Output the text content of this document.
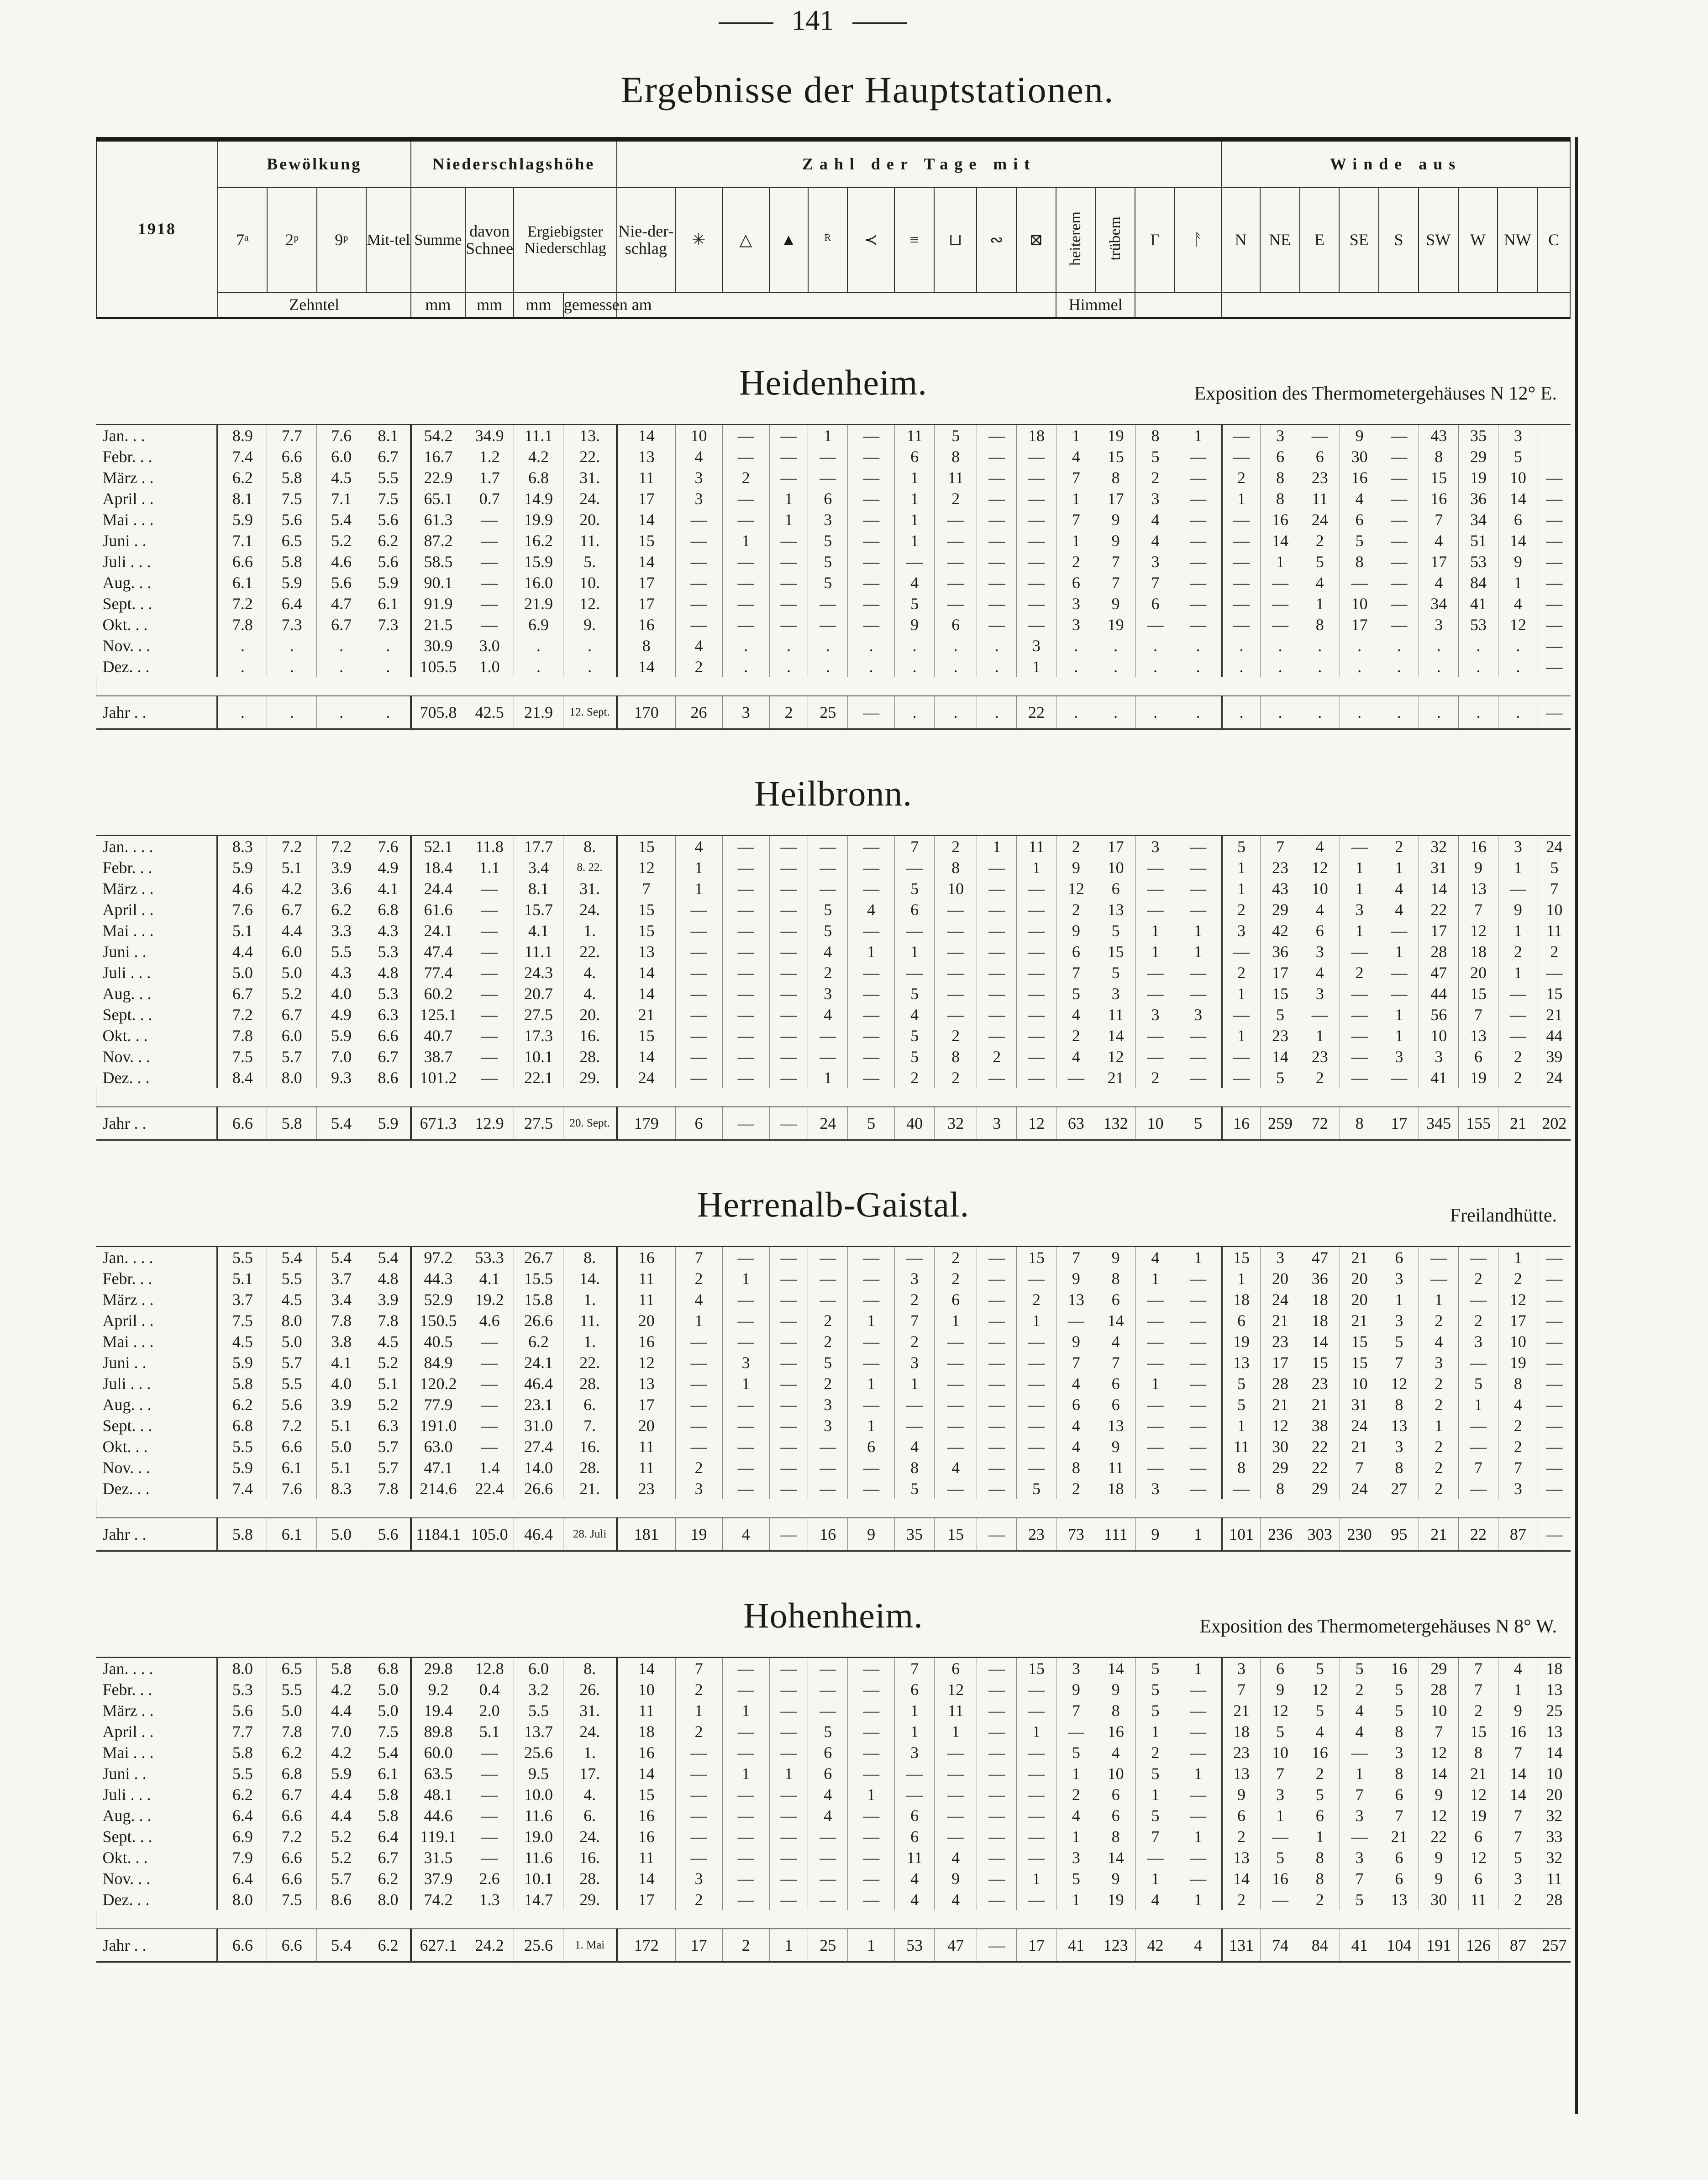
141
Ergebnisse der Hauptstationen.
1918	Bewölkung				Niederschlagshöhe				Zahl der Tage mit														Winde aus								
	7ᵃ	2ᵖ	9ᵖ	Mit-tel	Summe	davon Schnee	Ergiebigster Niederschlag		Nie-der-schlag	✳	△	▲	ᴿ	≺	≡	⊔	∾	⊠	heiterem	trübem	Γ	ᚨ	N	NE	E	SE	S	SW	W	NW	C
	Zehntel				mm	mm	mm	gemessen am											Himmel												
Heidenheim.	Exposition des Thermometergehäuses N 12° E.
Jan. . .	8.9	7.7	7.6	8.1	54.2	34.9	11.1	13.	14	10	—	—	1	—	11	5	—	18	1	19	8	1	—	3	—	9	—	43	35	3	
Febr. . .	7.4	6.6	6.0	6.7	16.7	1.2	4.2	22.	13	4	—	—	—	—	6	8	—	—	4	15	5	—	—	6	6	30	—	8	29	5	
März . .	6.2	5.8	4.5	5.5	22.9	1.7	6.8	31.	11	3	2	—	—	—	1	11	—	—	7	8	2	—	2	8	23	16	—	15	19	10	—
April . .	8.1	7.5	7.1	7.5	65.1	0.7	14.9	24.	17	3	—	1	6	—	1	2	—	—	1	17	3	—	1	8	11	4	—	16	36	14	—
Mai . . .	5.9	5.6	5.4	5.6	61.3	—	19.9	20.	14	—	—	1	3	—	1	—	—	—	7	9	4	—	—	16	24	6	—	7	34	6	—
Juni . .	7.1	6.5	5.2	6.2	87.2	—	16.2	11.	15	—	1	—	5	—	1	—	—	—	1	9	4	—	—	14	2	5	—	4	51	14	—
Juli . . .	6.6	5.8	4.6	5.6	58.5	—	15.9	5.	14	—	—	—	5	—	—	—	—	—	2	7	3	—	—	1	5	8	—	17	53	9	—
Aug. . .	6.1	5.9	5.6	5.9	90.1	—	16.0	10.	17	—	—	—	5	—	4	—	—	—	6	7	7	—	—	—	4	—	—	4	84	1	—
Sept. . .	7.2	6.4	4.7	6.1	91.9	—	21.9	12.	17	—	—	—	—	—	5	—	—	—	3	9	6	—	—	—	1	10	—	34	41	4	—
Okt. . .	7.8	7.3	6.7	7.3	21.5	—	6.9	9.	16	—	—	—	—	—	9	6	—	—	3	19	—	—	—	—	8	17	—	3	53	12	—
Nov. . .	.	.	.	.	30.9	3.0	.	.	8	4	.	.	.	.	.	.	.	3	.	.	.	.	.	.	.	.	.	.	.	.	—
Dez. . .	.	.	.	.	105.5	1.0	.	.	14	2	.	.	.	.	.	.	.	1	.	.	.	.	.	.	.	.	.	.	.	.	—

Jahr . .	.	.	.	.	705.8	42.5	21.9	12. Sept.	170	26	3	2	25	—	.	.	.	22	.	.	.	.	.	.	.	.	.	.	.	.	—
Heilbronn.
Jan. . . .	8.3	7.2	7.2	7.6	52.1	11.8	17.7	8.	15	4	—	—	—	—	7	2	1	11	2	17	3	—	5	7	4	—	2	32	16	3	24
Febr. . .	5.9	5.1	3.9	4.9	18.4	1.1	3.4	8. 22.	12	1	—	—	—	—	—	8	—	1	9	10	—	—	1	23	12	1	1	31	9	1	5
März . .	4.6	4.2	3.6	4.1	24.4	—	8.1	31.	7	1	—	—	—	—	5	10	—	—	12	6	—	—	1	43	10	1	4	14	13	—	7
April . .	7.6	6.7	6.2	6.8	61.6	—	15.7	24.	15	—	—	—	5	4	6	—	—	—	2	13	—	—	2	29	4	3	4	22	7	9	10
Mai . . .	5.1	4.4	3.3	4.3	24.1	—	4.1	1.	15	—	—	—	5	—	—	—	—	—	9	5	1	1	3	42	6	1	—	17	12	1	11
Juni . .	4.4	6.0	5.5	5.3	47.4	—	11.1	22.	13	—	—	—	4	1	1	—	—	—	6	15	1	1	—	36	3	—	1	28	18	2	2
Juli . . .	5.0	5.0	4.3	4.8	77.4	—	24.3	4.	14	—	—	—	2	—	—	—	—	—	7	5	—	—	2	17	4	2	—	47	20	1	—
Aug. . .	6.7	5.2	4.0	5.3	60.2	—	20.7	4.	14	—	—	—	3	—	5	—	—	—	5	3	—	—	1	15	3	—	—	44	15	—	15
Sept. . .	7.2	6.7	4.9	6.3	125.1	—	27.5	20.	21	—	—	—	4	—	4	—	—	—	4	11	3	3	—	5	—	—	1	56	7	—	21
Okt. . .	7.8	6.0	5.9	6.6	40.7	—	17.3	16.	15	—	—	—	—	—	5	2	—	—	2	14	—	—	1	23	1	—	1	10	13	—	44
Nov. . .	7.5	5.7	7.0	6.7	38.7	—	10.1	28.	14	—	—	—	—	—	5	8	2	—	4	12	—	—	—	14	23	—	3	3	6	2	39
Dez. . .	8.4	8.0	9.3	8.6	101.2	—	22.1	29.	24	—	—	—	1	—	2	2	—	—	—	21	2	—	—	5	2	—	—	41	19	2	24

Jahr . .	6.6	5.8	5.4	5.9	671.3	12.9	27.5	20. Sept.	179	6	—	—	24	5	40	32	3	12	63	132	10	5	16	259	72	8	17	345	155	21	202
Herrenalb-Gaistal.	Freilandhütte.
Jan. . . .	5.5	5.4	5.4	5.4	97.2	53.3	26.7	8.	16	7	—	—	—	—	—	2	—	15	7	9	4	1	15	3	47	21	6	—	—	1	—
Febr. . .	5.1	5.5	3.7	4.8	44.3	4.1	15.5	14.	11	2	1	—	—	—	3	2	—	—	9	8	1	—	1	20	36	20	3	—	2	2	—
März . .	3.7	4.5	3.4	3.9	52.9	19.2	15.8	1.	11	4	—	—	—	—	2	6	—	2	13	6	—	—	18	24	18	20	1	1	—	12	—
April . .	7.5	8.0	7.8	7.8	150.5	4.6	26.6	11.	20	1	—	—	2	1	7	1	—	1	—	14	—	—	6	21	18	21	3	2	2	17	—
Mai . . .	4.5	5.0	3.8	4.5	40.5	—	6.2	1.	16	—	—	—	2	—	2	—	—	—	9	4	—	—	19	23	14	15	5	4	3	10	—
Juni . .	5.9	5.7	4.1	5.2	84.9	—	24.1	22.	12	—	3	—	5	—	3	—	—	—	7	7	—	—	13	17	15	15	7	3	—	19	—
Juli . . .	5.8	5.5	4.0	5.1	120.2	—	46.4	28.	13	—	1	—	2	1	1	—	—	—	4	6	1	—	5	28	23	10	12	2	5	8	—
Aug. . .	6.2	5.6	3.9	5.2	77.9	—	23.1	6.	17	—	—	—	3	—	—	—	—	—	6	6	—	—	5	21	21	31	8	2	1	4	—
Sept. . .	6.8	7.2	5.1	6.3	191.0	—	31.0	7.	20	—	—	—	3	1	—	—	—	—	4	13	—	—	1	12	38	24	13	1	—	2	—
Okt. . .	5.5	6.6	5.0	5.7	63.0	—	27.4	16.	11	—	—	—	—	6	4	—	—	—	4	9	—	—	11	30	22	21	3	2	—	2	—
Nov. . .	5.9	6.1	5.1	5.7	47.1	1.4	14.0	28.	11	2	—	—	—	—	8	4	—	—	8	11	—	—	8	29	22	7	8	2	7	7	—
Dez. . .	7.4	7.6	8.3	7.8	214.6	22.4	26.6	21.	23	3	—	—	—	—	5	—	—	5	2	18	3	—	—	8	29	24	27	2	—	3	—

Jahr . .	5.8	6.1	5.0	5.6	1184.1	105.0	46.4	28. Juli	181	19	4	—	16	9	35	15	—	23	73	111	9	1	101	236	303	230	95	21	22	87	—
Hohenheim.	Exposition des Thermometergehäuses N 8° W.
Jan. . . .	8.0	6.5	5.8	6.8	29.8	12.8	6.0	8.	14	7	—	—	—	—	7	6	—	15	3	14	5	1	3	6	5	5	16	29	7	4	18
Febr. . .	5.3	5.5	4.2	5.0	9.2	0.4	3.2	26.	10	2	—	—	—	—	6	12	—	—	9	9	5	—	7	9	12	2	5	28	7	1	13
März . .	5.6	5.0	4.4	5.0	19.4	2.0	5.5	31.	11	1	1	—	—	—	1	11	—	—	7	8	5	—	21	12	5	4	5	10	2	9	25
April . .	7.7	7.8	7.0	7.5	89.8	5.1	13.7	24.	18	2	—	—	5	—	1	1	—	1	—	16	1	—	18	5	4	4	8	7	15	16	13
Mai . . .	5.8	6.2	4.2	5.4	60.0	—	25.6	1.	16	—	—	—	6	—	3	—	—	—	5	4	2	—	23	10	16	—	3	12	8	7	14
Juni . .	5.5	6.8	5.9	6.1	63.5	—	9.5	17.	14	—	1	1	6	—	—	—	—	—	1	10	5	1	13	7	2	1	8	14	21	14	10
Juli . . .	6.2	6.7	4.4	5.8	48.1	—	10.0	4.	15	—	—	—	4	1	—	—	—	—	2	6	1	—	9	3	5	7	6	9	12	14	20
Aug. . .	6.4	6.6	4.4	5.8	44.6	—	11.6	6.	16	—	—	—	4	—	6	—	—	—	4	6	5	—	6	1	6	3	7	12	19	7	32
Sept. . .	6.9	7.2	5.2	6.4	119.1	—	19.0	24.	16	—	—	—	—	—	6	—	—	—	1	8	7	1	2	—	1	—	21	22	6	7	33
Okt. . .	7.9	6.6	5.2	6.7	31.5	—	11.6	16.	11	—	—	—	—	—	11	4	—	—	3	14	—	—	13	5	8	3	6	9	12	5	32
Nov. . .	6.4	6.6	5.7	6.2	37.9	2.6	10.1	28.	14	3	—	—	—	—	4	9	—	1	5	9	1	—	14	16	8	7	6	9	6	3	11
Dez. . .	8.0	7.5	8.6	8.0	74.2	1.3	14.7	29.	17	2	—	—	—	—	4	4	—	—	1	19	4	1	2	—	2	5	13	30	11	2	28

Jahr . .	6.6	6.6	5.4	6.2	627.1	24.2	25.6	1. Mai	172	17	2	1	25	1	53	47	—	17	41	123	42	4	131	74	84	41	104	191	126	87	257
